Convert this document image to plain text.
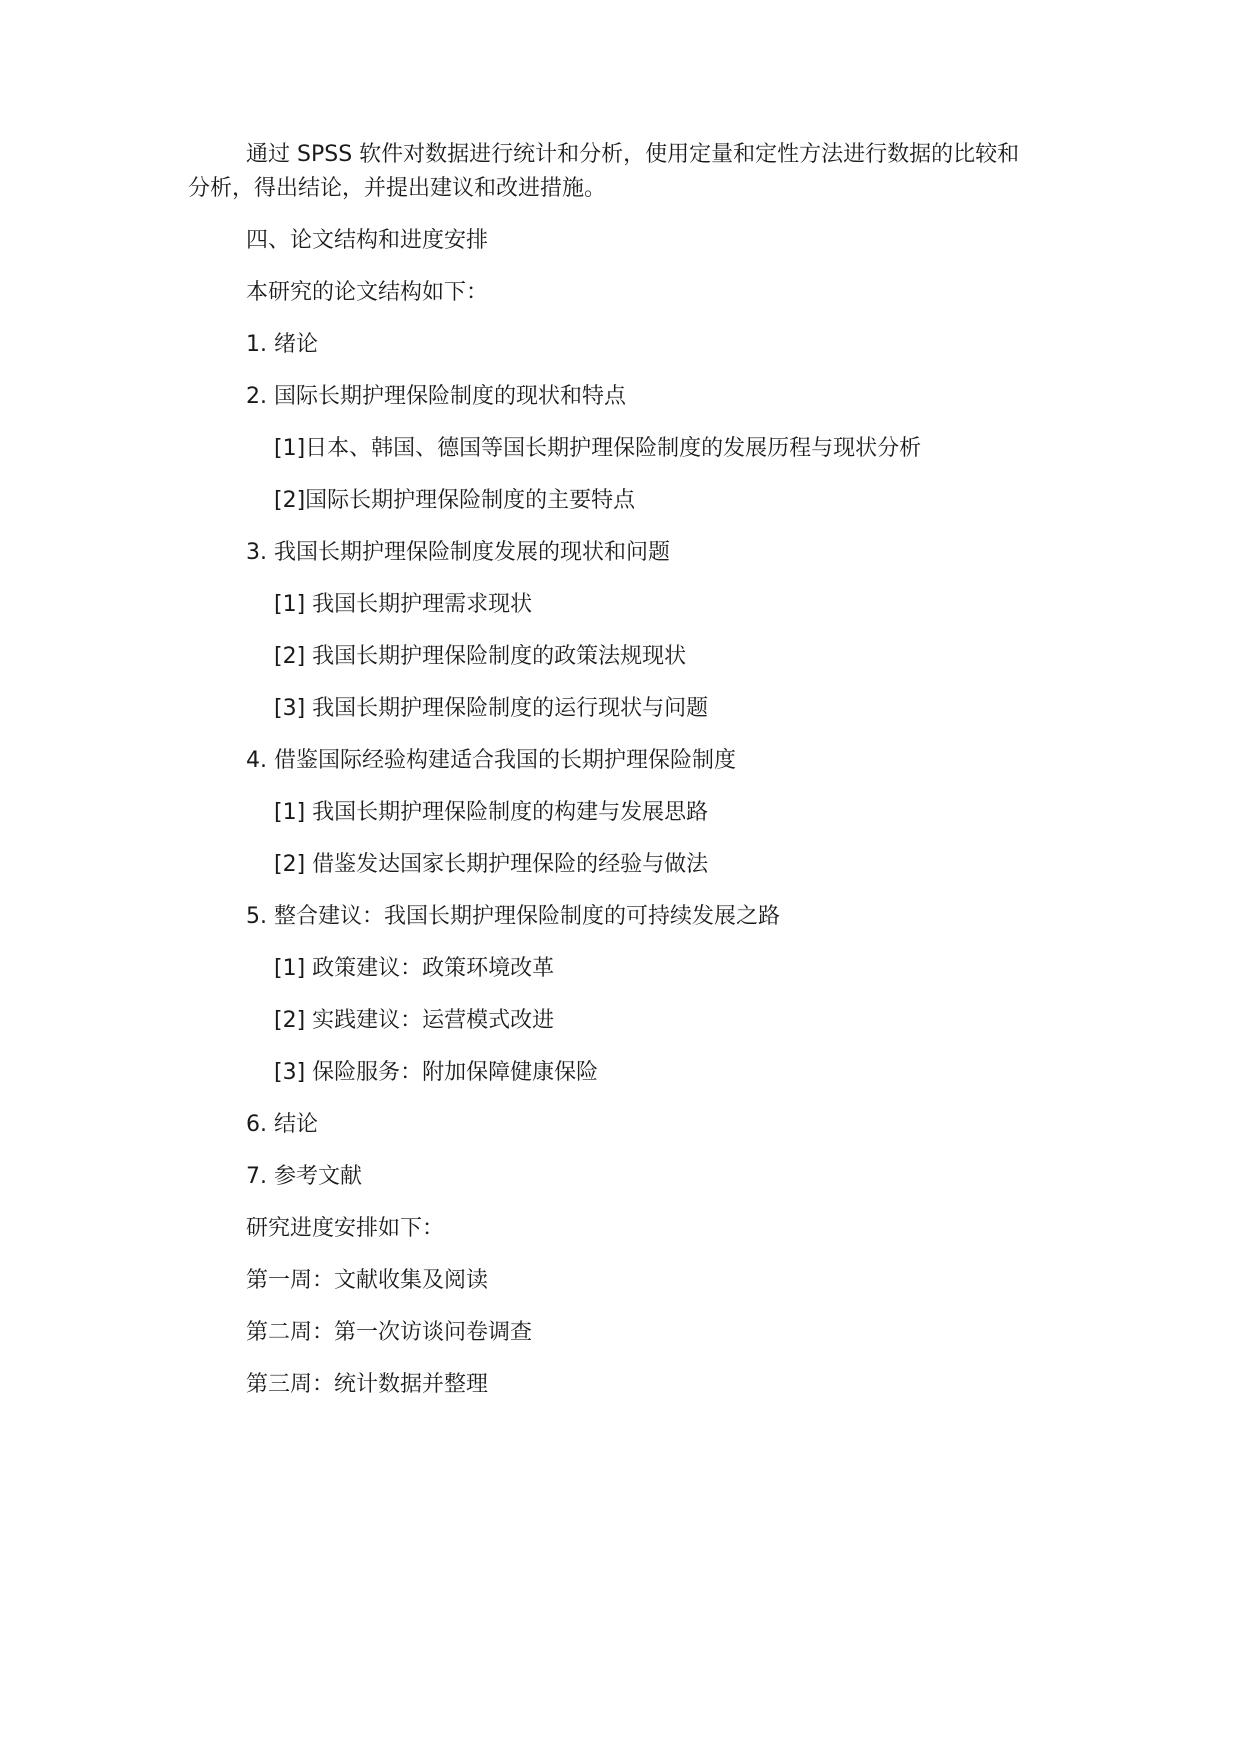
通过 SPSS 软件对数据进行统计和分析，使用定量和定性方法进行数据的比较和
分析，得出结论，并提出建议和改进措施。
四、论文结构和进度安排
本研究的论文结构如下：
1. 绪论
2. 国际长期护理保险制度的现状和特点
[1]日本、韩国、德国等国长期护理保险制度的发展历程与现状分析
[2]国际长期护理保险制度的主要特点
3. 我国长期护理保险制度发展的现状和问题
[1] 我国长期护理需求现状
[2] 我国长期护理保险制度的政策法规现状
[3] 我国长期护理保险制度的运行现状与问题
4. 借鉴国际经验构建适合我国的长期护理保险制度
[1] 我国长期护理保险制度的构建与发展思路
[2] 借鉴发达国家长期护理保险的经验与做法
5. 整合建议：我国长期护理保险制度的可持续发展之路
[1] 政策建议：政策环境改革
[2] 实践建议：运营模式改进
[3] 保险服务：附加保障健康保险
6. 结论
7. 参考文献
研究进度安排如下：
第一周：文献收集及阅读
第二周：第一次访谈问卷调查
第三周：统计数据并整理
